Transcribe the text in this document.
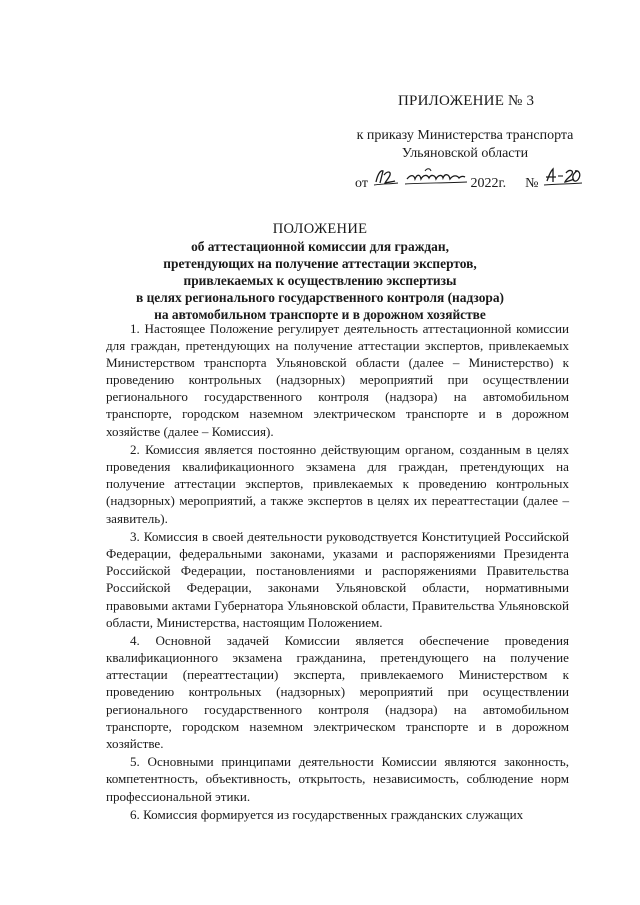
ПРИЛОЖЕНИЕ № 3
к приказу Министерства транспорта
Ульяновской области
от
	2022г. №
ПОЛОЖЕНИЕ
об аттестационной комиссии для граждан,
претендующих на получение аттестации экспертов,
привлекаемых к осуществлению экспертизы
в целях регионального государственного контроля (надзора)
на автомобильном транспорте и в дорожном хозяйстве

1. Настоящее Положение регулирует деятельность аттестационной комиссии для граждан, претендующих на получение аттестации экспертов, привлекаемых Министерством транспорта Ульяновской области (далее – Министерство) к проведению контрольных (надзорных) мероприятий при осуществлении регионального государственного контроля (надзора) на автомобильном транспорте, городском наземном электрическом транспорте и в дорожном хозяйстве (далее – Комиссия).

2. Комиссия является постоянно действующим органом, созданным в целях проведения квалификационного экзамена для граждан, претендующих на получение аттестации экспертов, привлекаемых к проведению контрольных (надзорных) мероприятий, а также экспертов в целях их переаттестации (далее – заявитель).

3. Комиссия в своей деятельности руководствуется Конституцией Российской Федерации, федеральными законами, указами и распоряжениями Президента Российской Федерации, постановлениями и распоряжениями Правительства Российской Федерации, законами Ульяновской области, нормативными правовыми актами Губернатора Ульяновской области, Правительства Ульяновской области, Министерства, настоящим Положением.

4. Основной задачей Комиссии является обеспечение проведения квалификационного экзамена гражданина, претендующего на получение аттестации (переаттестации) эксперта, привлекаемого Министерством к проведению контрольных (надзорных) мероприятий при осуществлении регионального государственного контроля (надзора) на автомобильном транспорте, городском наземном электрическом транспорте и в дорожном хозяйстве.

5. Основными принципами деятельности Комиссии являются законность, компетентность, объективность, открытость, независимость, соблюдение норм профессиональной этики.

6. Комиссия формируется из государственных гражданских служащих
